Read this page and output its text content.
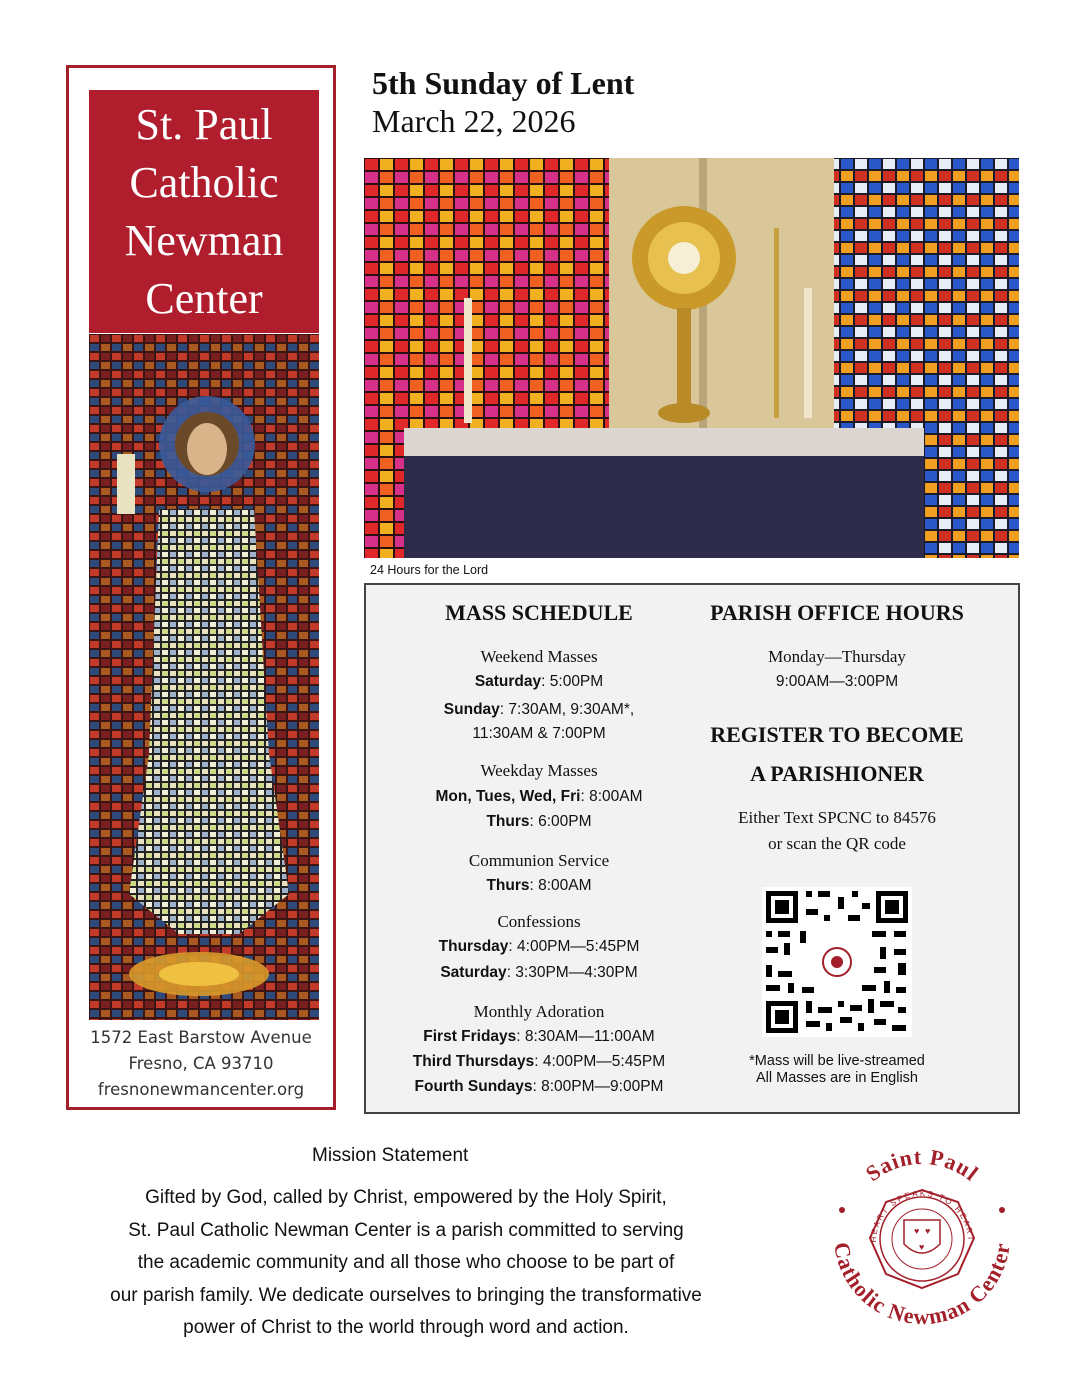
St. Paul
Catholic
Newman
Center
1572 East Barstow Avenue
Fresno, CA 93710
fresnonewmancenter.org
5th Sunday of Lent
March 22, 2026
24 Hours for the Lord
MASS SCHEDULE
Weekend Masses
Saturday: 5:00PM
Sunday: 7:30AM, 9:30AM*,
11:30AM & 7:00PM
Weekday Masses
Mon, Tues, Wed, Fri: 8:00AM
Thurs: 6:00PM
Communion Service
Thurs: 8:00AM
Confessions
Thursday: 4:00PM—5:45PM
Saturday: 3:30PM—4:30PM
Monthly Adoration
First Fridays: 8:30AM—11:00AM
Third Thursdays: 4:00PM—5:45PM
Fourth Sundays: 8:00PM—9:00PM
PARISH OFFICE HOURS
Monday—Thursday
9:00AM—3:00PM
REGISTER TO BECOME
A PARISHIONER
Either Text SPCNC to 84576
or scan the QR code
*Mass will be live-streamed
All Masses are in English
Mission Statement
Gifted by God, called by Christ, empowered by the Holy Spirit,
St. Paul Catholic Newman Center is a parish committed to serving
the academic community and all those who choose to be part of
our parish family. We dedicate ourselves to bringing the transformative
power of Christ to the world through word and action.
Saint Paul
Catholic Newman Center
HEART SPEAKS TO HEART
♥ ♥
♥
